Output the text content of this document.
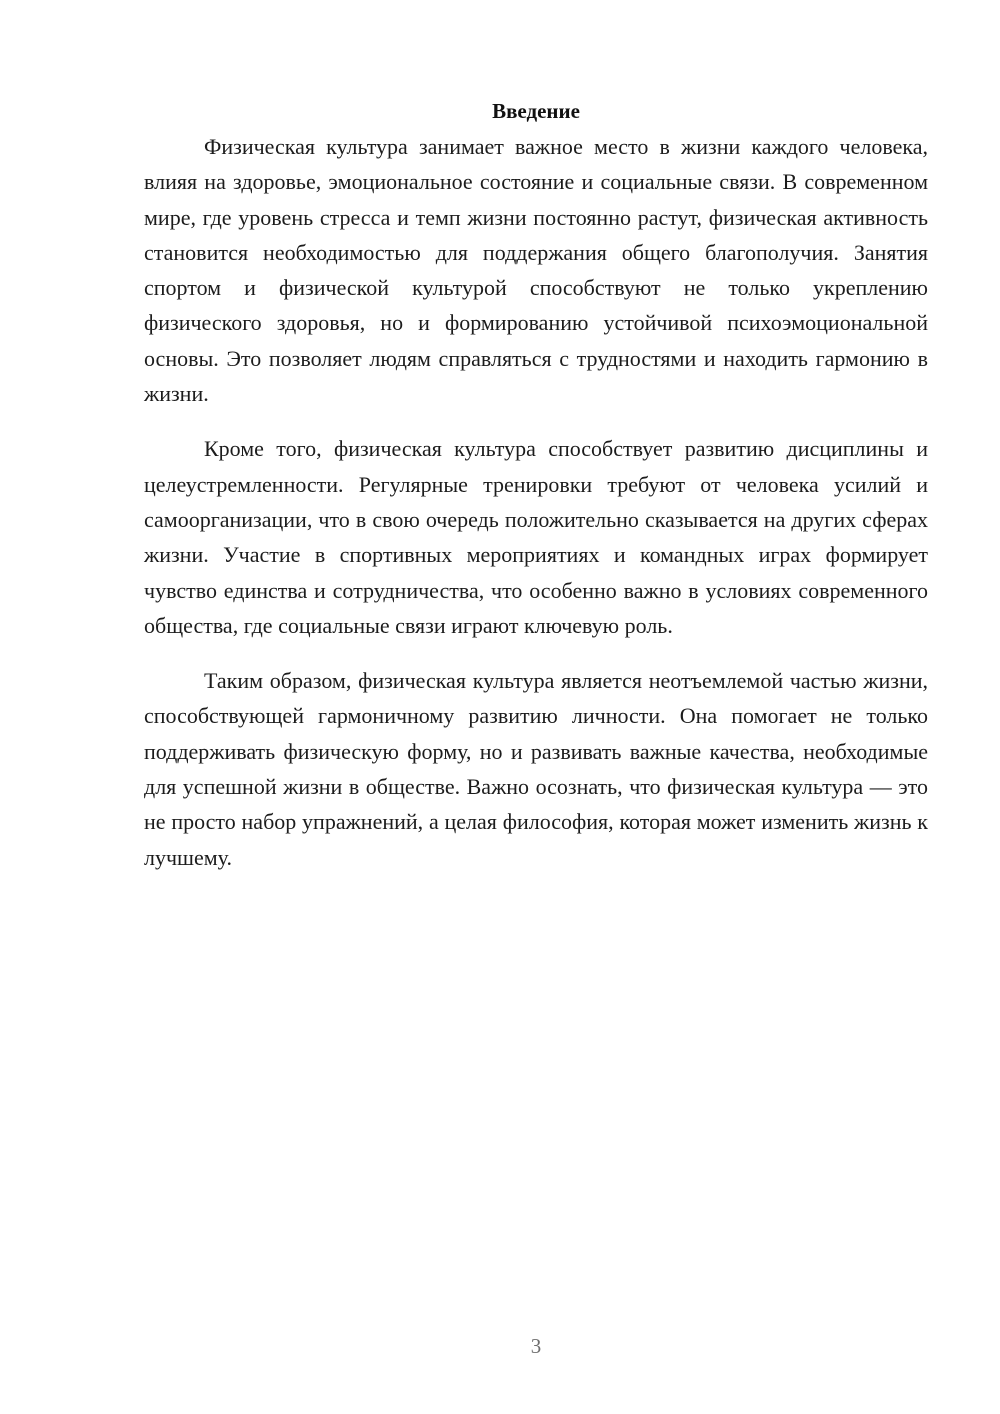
Введение

Физическая культура занимает важное место в жизни каждого человека, влияя на здоровье, эмоциональное состояние и социальные связи. В современном мире, где уровень стресса и темп жизни постоянно растут, физическая активность становится необходимостью для поддержания общего благополучия. Занятия спортом и физической культурой способствуют не только укреплению физического здоровья, но и формированию устойчивой психоэмоциональной основы. Это позволяет людям справляться с трудностями и находить гармонию в жизни.

Кроме того, физическая культура способствует развитию дисциплины и целеустремленности. Регулярные тренировки требуют от человека усилий и самоорганизации, что в свою очередь положительно сказывается на других сферах жизни. Участие в спортивных мероприятиях и командных играх формирует чувство единства и сотрудничества, что особенно важно в условиях современного общества, где социальные связи играют ключевую роль.

Таким образом, физическая культура является неотъемлемой частью жизни, способствующей гармоничному развитию личности. Она помогает не только поддерживать физическую форму, но и развивать важные качества, необходимые для успешной жизни в обществе. Важно осознать, что физическая культура — это не просто набор упражнений, а целая философия, которая может изменить жизнь к лучшему.

3
